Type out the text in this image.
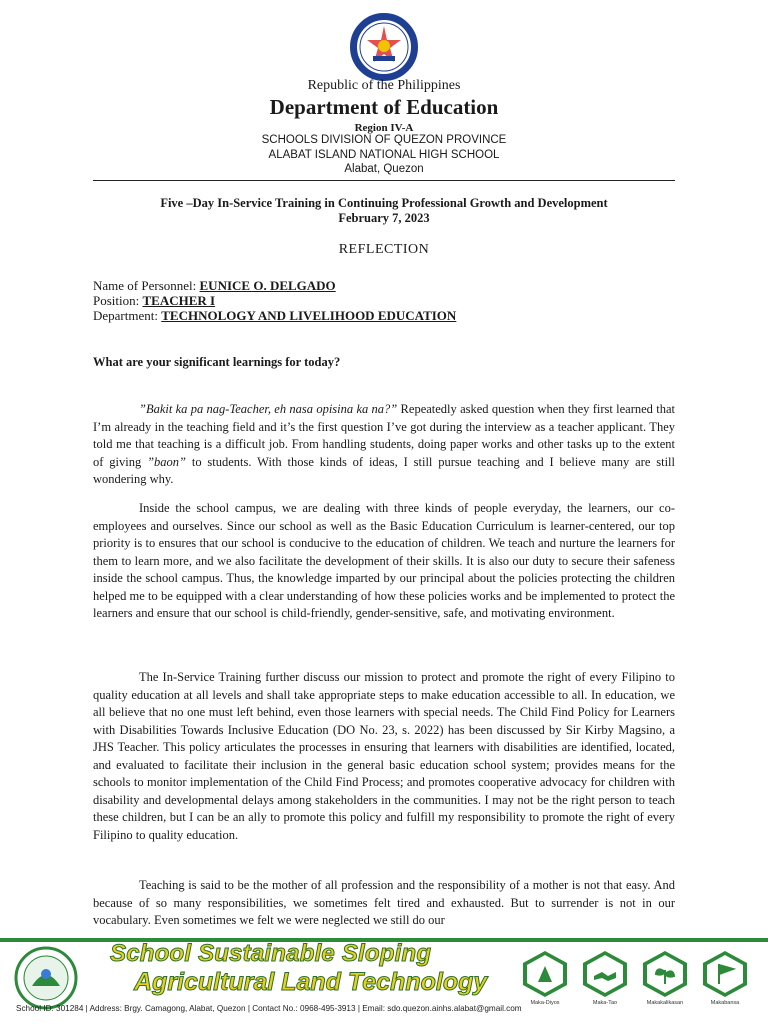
Republic of the Philippines
Department of Education
Region IV-A
SCHOOLS DIVISION OF QUEZON PROVINCE
ALABAT ISLAND NATIONAL HIGH SCHOOL
Alabat, Quezon
Five –Day In-Service Training in Continuing Professional Growth and Development
February 7, 2023
REFLECTION
Name of Personnel: EUNICE O. DELGADO
Position: TEACHER I
Department: TECHNOLOGY AND LIVELIHOOD EDUCATION
What are your significant learnings for today?

”Bakit ka pa nag-Teacher, eh nasa opisina ka na?” Repeatedly asked question when they first learned that I’m already in the teaching field and it’s the first question I’ve got during the interview as a teacher applicant. They told me that teaching is a difficult job. From handling students, doing paper works and other tasks up to the extent of giving ”baon” to students. With those kinds of ideas, I still pursue teaching and I believe many are still wondering why.

Inside the school campus, we are dealing with three kinds of people everyday, the learners, our co-employees and ourselves. Since our school as well as the Basic Education Curriculum is learner-centered, our top priority is to ensures that our school is conducive to the education of children. We teach and nurture the learners for them to learn more, and we also facilitate the development of their skills. It is also our duty to secure their safeness inside the school campus. Thus, the knowledge imparted by our principal about the policies protecting the children helped me to be equipped with a clear understanding of how these policies works and be implemented to protect the learners and ensure that our school is child-friendly, gender-sensitive, safe, and motivating environment.

The In-Service Training further discuss our mission to protect and promote the right of every Filipino to quality education at all levels and shall take appropriate steps to make education accessible to all. In education, we all believe that no one must left behind, even those learners with special needs. The Child Find Policy for Learners with Disabilities Towards Inclusive Education (DO No. 23, s. 2022) has been discussed by Sir Kirby Magsino, a JHS Teacher. This policy articulates the processes in ensuring that learners with disabilities are identified, located, and evaluated to facilitate their inclusion in the general basic education school system; provides means for the schools to monitor implementation of the Child Find Process; and promotes cooperative advocacy for children with disability and developmental delays among stakeholders in the communities. I may not be the right person to teach these children, but I can be an ally to promote this policy and fulfill my responsibility to promote the right of every Filipino to quality education.

Teaching is said to be the mother of all profession and the responsibility of a mother is not that easy. And because of so many responsibilities, we sometimes felt tired and exhausted. But to surrender is not in our vocabulary. Even sometimes we felt we were neglected we still do our

School Sustainable Sloping
Agricultural Land Technology
Maka-Diyos	Maka-Tao	Makakalikasan	Makabansa
School ID: 301284 | Address: Brgy. Camagong, Alabat, Quezon | Contact No.: 0968-495-3913 | Email: sdo.quezon.ainhs.alabat@gmail.com
